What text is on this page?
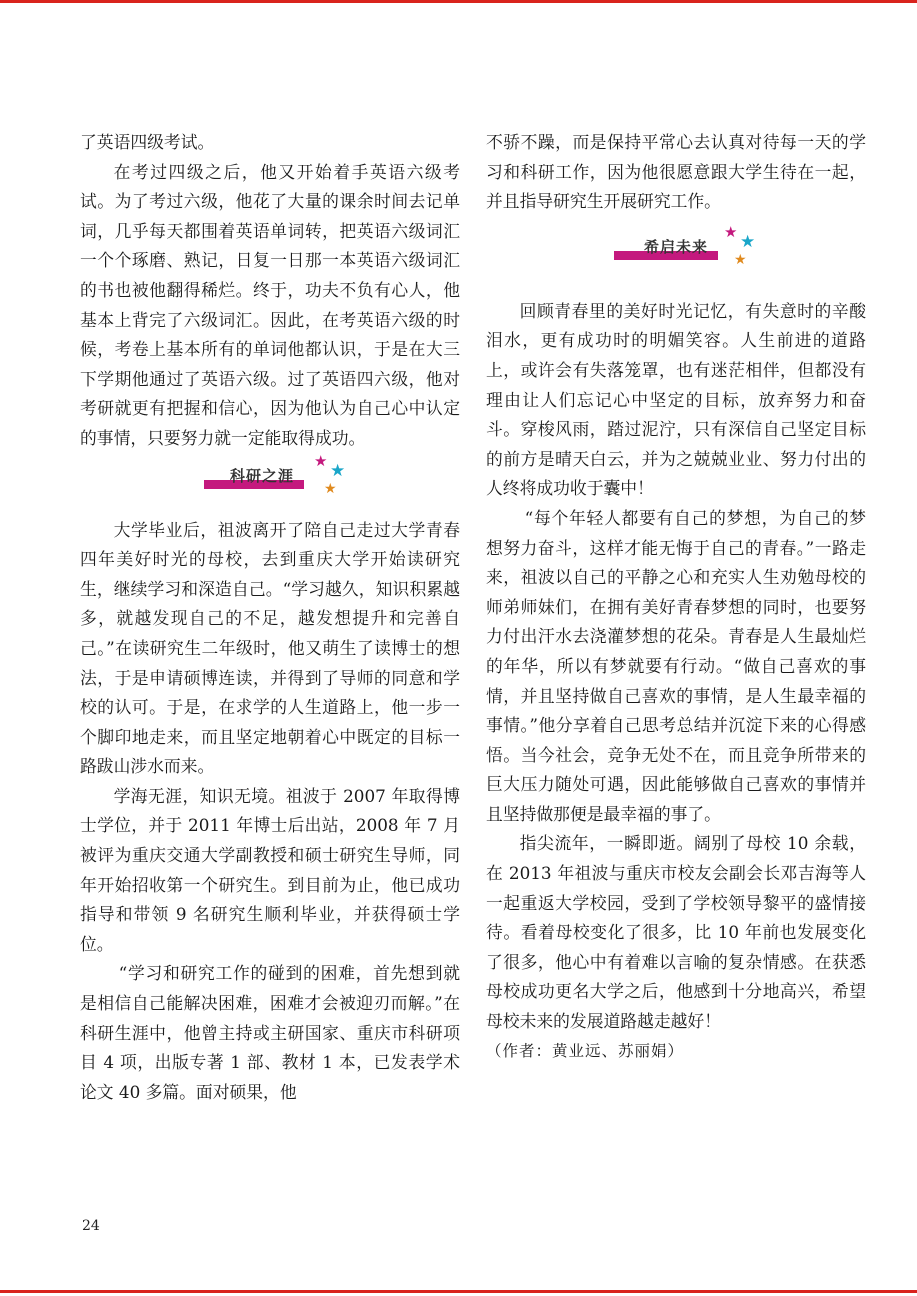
了英语四级考试。

在考过四级之后，他又开始着手英语六级考试。为了考过六级，他花了大量的课余时间去记单词，几乎每天都围着英语单词转，把英语六级词汇一个个琢磨、熟记，日复一日那一本英语六级词汇的书也被他翻得稀烂。终于，功夫不负有心人，他基本上背完了六级词汇。因此，在考英语六级的时候，考卷上基本所有的单词他都认识，于是在大三下学期他通过了英语六级。过了英语四六级，他对考研就更有把握和信心，因为他认为自己心中认定的事情，只要努力就一定能取得成功。

科研之涯
★ ★
★

大学毕业后，祖波离开了陪自己走过大学青春四年美好时光的母校，去到重庆大学开始读研究生，继续学习和深造自己。“学习越久，知识积累越多，就越发现自己的不足，越发想提升和完善自己。”在读研究生二年级时，他又萌生了读博士的想法，于是申请硕博连读，并得到了导师的同意和学校的认可。于是，在求学的人生道路上，他一步一个脚印地走来，而且坚定地朝着心中既定的目标一路跋山涉水而来。

学海无涯，知识无境。祖波于 2007 年取得博士学位，并于 2011 年博士后出站，2008 年 7 月被评为重庆交通大学副教授和硕士研究生导师，同年开始招收第一个研究生。到目前为止，他已成功指导和带领 9 名研究生顺利毕业，并获得硕士学位。

“学习和研究工作的碰到的困难，首先想到就是相信自己能解决困难，困难才会被迎刃而解。”在科研生涯中，他曾主持或主研国家、重庆市科研项目 4 项，出版专著 1 部、教材 1 本，已发表学术论文 40 多篇。面对硕果，他

不骄不躁，而是保持平常心去认真对待每一天的学习和科研工作，因为他很愿意跟大学生待在一起，并且指导研究生开展研究工作。

希启未来
★ ★
★

回顾青春里的美好时光记忆，有失意时的辛酸泪水，更有成功时的明媚笑容。人生前进的道路上，或许会有失落笼罩，也有迷茫相伴，但都没有理由让人们忘记心中坚定的目标，放弃努力和奋斗。穿梭风雨，踏过泥泞，只有深信自己坚定目标的前方是晴天白云，并为之兢兢业业、努力付出的人终将成功收于囊中！

“每个年轻人都要有自己的梦想，为自己的梦想努力奋斗，这样才能无悔于自己的青春。”一路走来，祖波以自己的平静之心和充实人生劝勉母校的师弟师妹们，在拥有美好青春梦想的同时，也要努力付出汗水去浇灌梦想的花朵。青春是人生最灿烂的年华，所以有梦就要有行动。“做自己喜欢的事情，并且坚持做自己喜欢的事情，是人生最幸福的事情。”他分享着自己思考总结并沉淀下来的心得感悟。当今社会，竞争无处不在，而且竞争所带来的巨大压力随处可遇，因此能够做自己喜欢的事情并且坚持做那便是最幸福的事了。

指尖流年，一瞬即逝。阔别了母校 10 余载，在 2013 年祖波与重庆市校友会副会长邓吉海等人一起重返大学校园，受到了学校领导黎平的盛情接待。看着母校变化了很多，比 10 年前也发展变化了很多，他心中有着难以言喻的复杂情感。在获悉母校成功更名大学之后，他感到十分地高兴，希望母校未来的发展道路越走越好！

（作者：黄业远、苏丽娟）

24
